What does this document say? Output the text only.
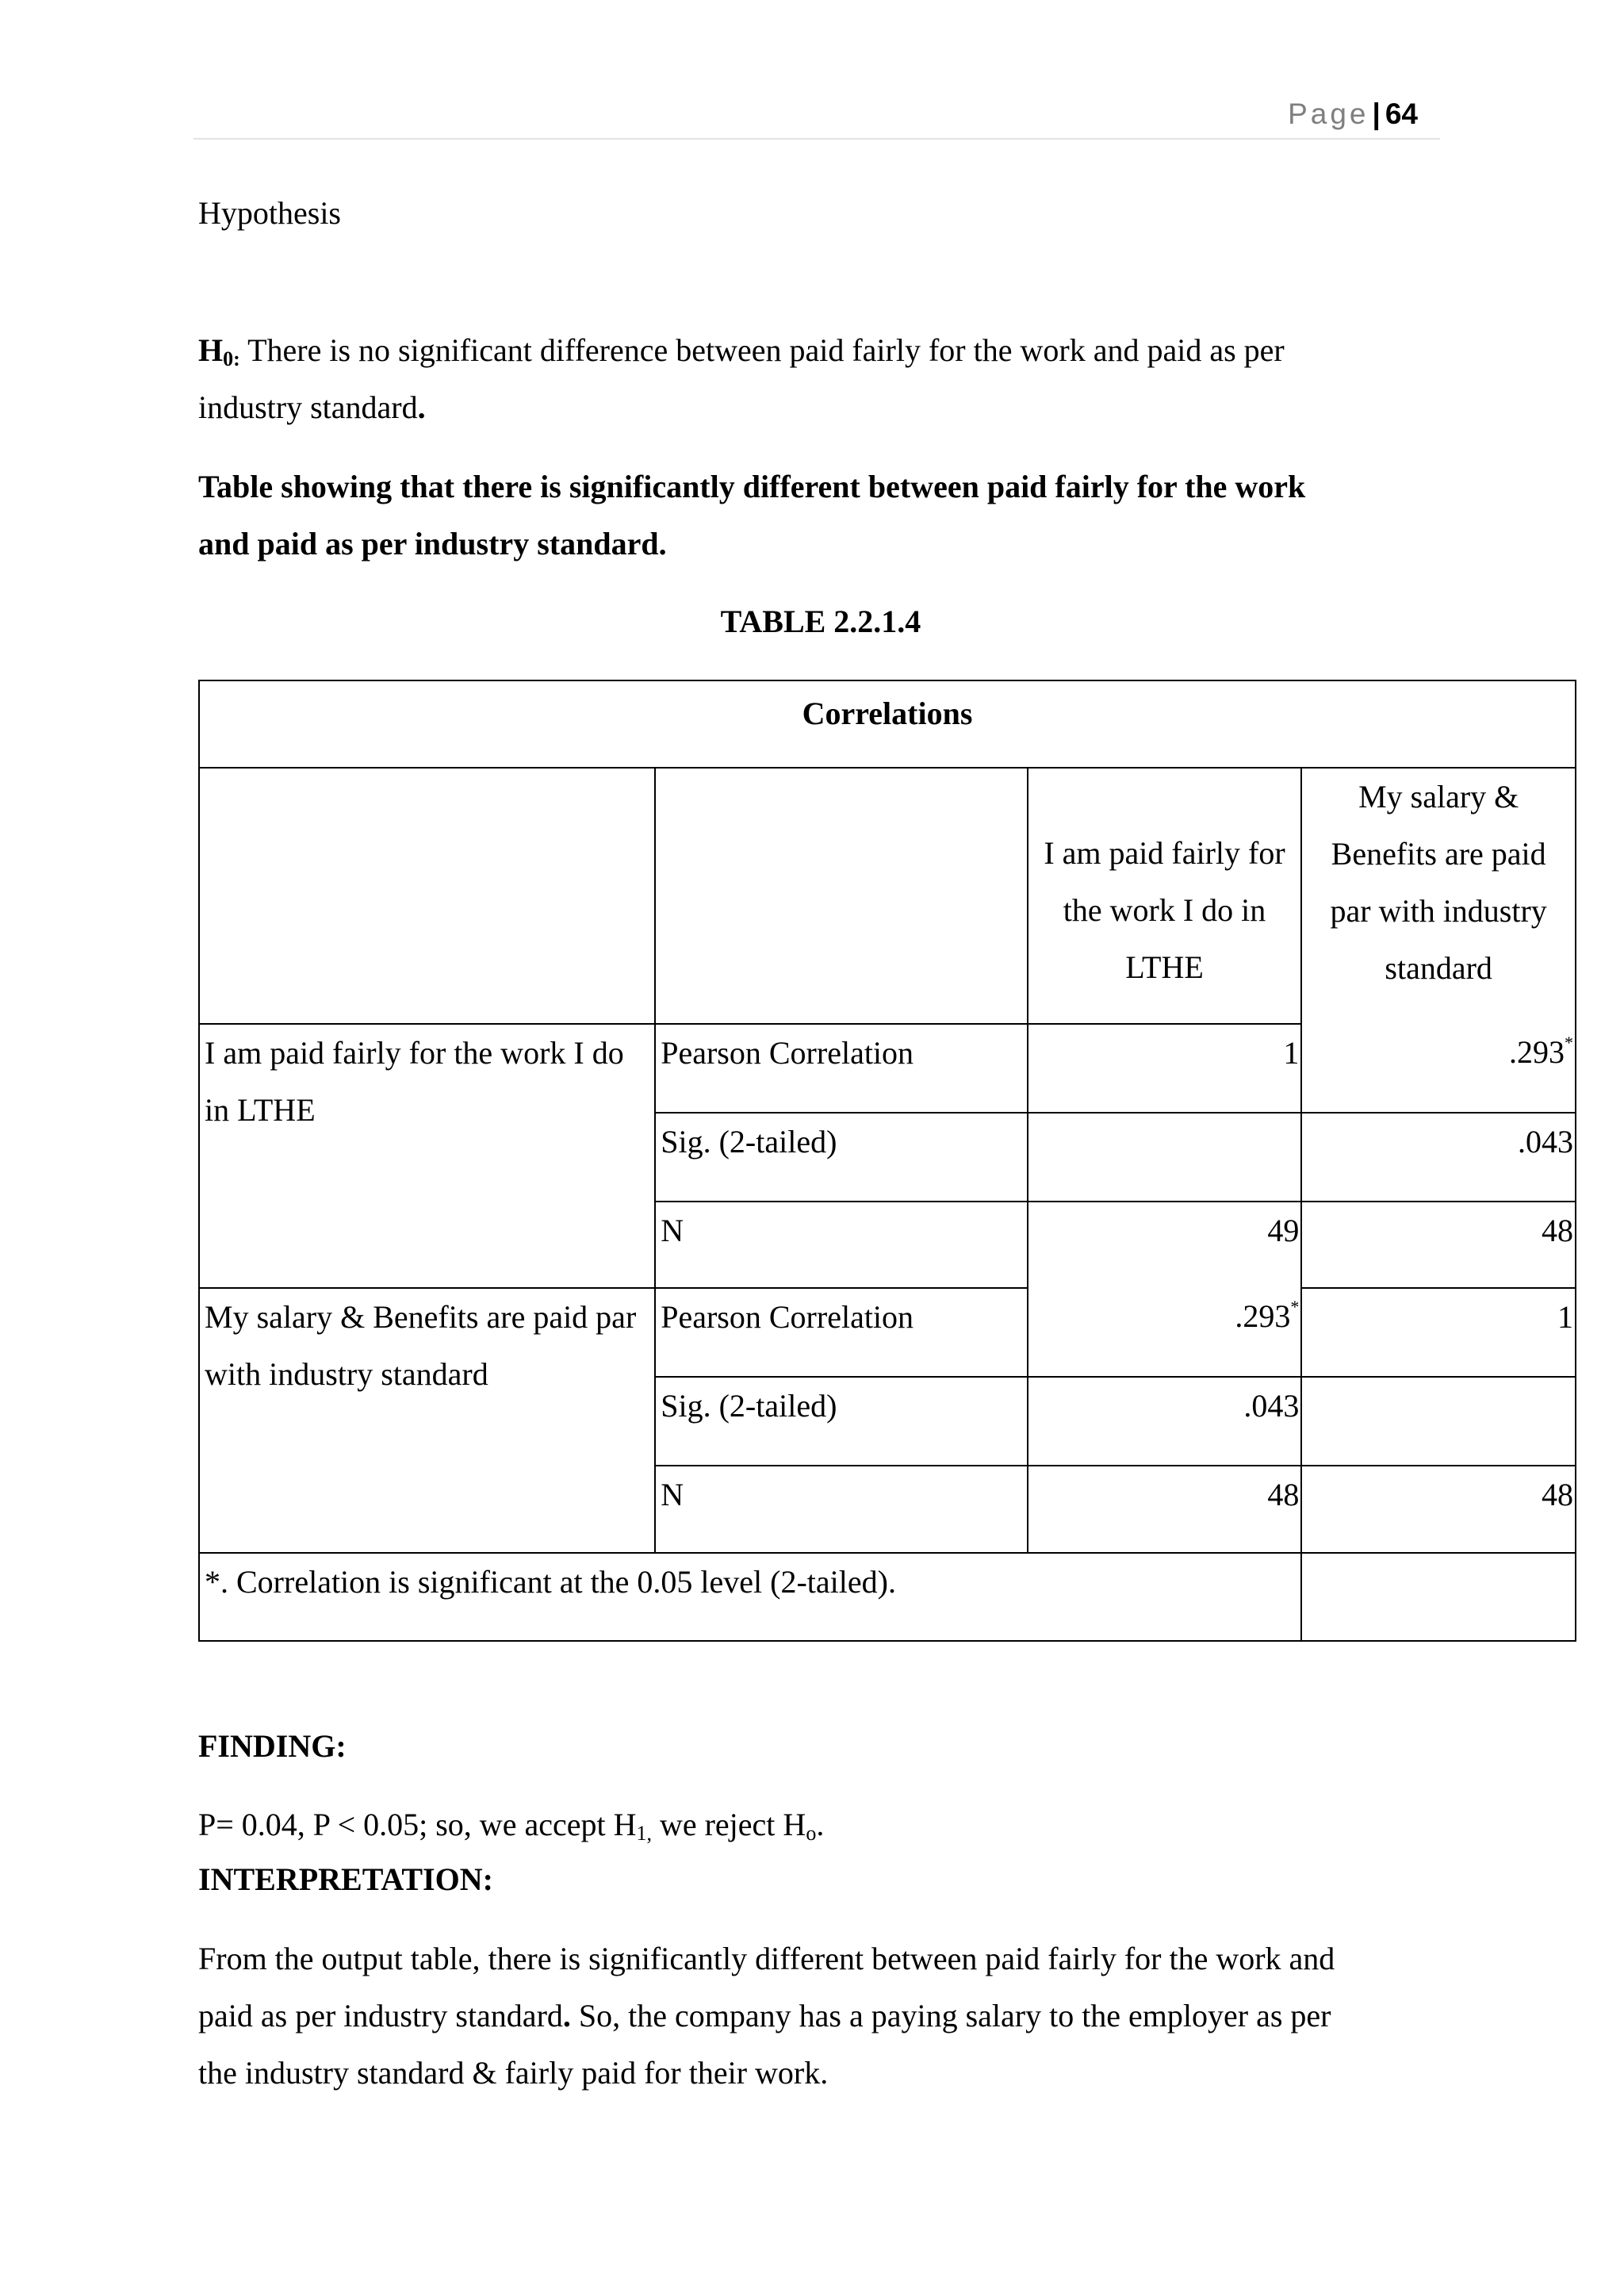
Page | 64
Hypothesis
$H_{0:}$ There is no significant difference between paid fairly for the work and paid as per
industry standard.
Table showing that there is significantly different between paid fairly for the work
and paid as per industry standard.
TABLE 2.2.1.4
Correlations			
		I am paid fairly for the work I do in LTHE	My salary & Benefits are paid par with industry standard
I am paid fairly for the work I do in LTHE	Pearson Correlation	1	.293*
	Sig. (2-tailed)		.043
	N	49	48
My salary & Benefits are paid par with industry standard	Pearson Correlation	.293*	1
	Sig. (2-tailed)	.043	
	N	48	48
*. Correlation is significant at the 0.05 level (2-tailed).			
FINDING:
P= 0.04, P < 0.05; so, we accept $H_{1,}$ we reject $H_o$.
INTERPRETATION:
From the output table, there is significantly different between paid fairly for the work and
paid as per industry standard. So, the company has a paying salary to the employer as per
the industry standard & fairly paid for their work.
